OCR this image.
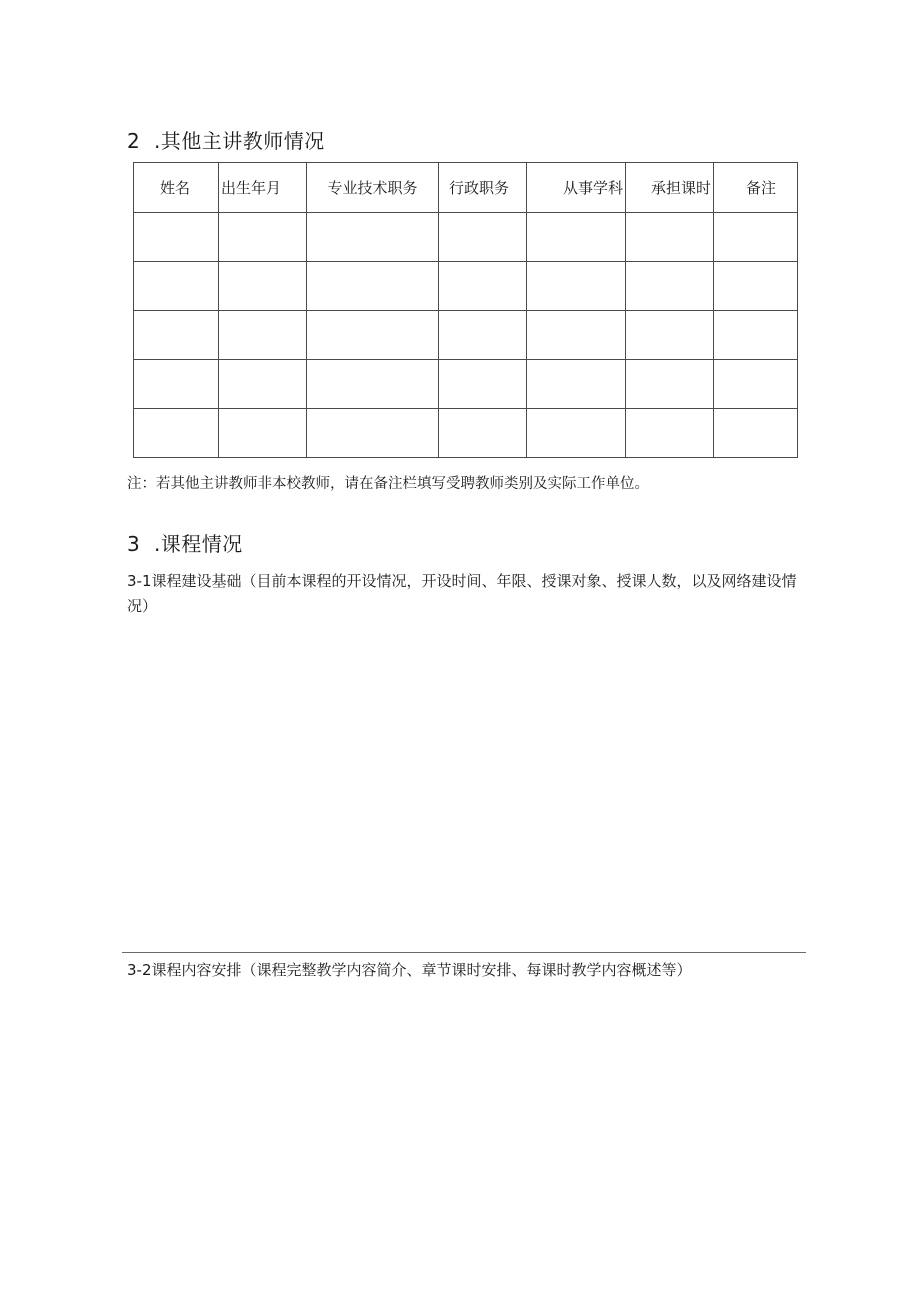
2  .其他主讲教师情况
姓名	出生年月	专业技术职务	行政职务	从事学科	承担课时	备注

注：若其他主讲教师非本校教师，请在备注栏填写受聘教师类别及实际工作单位。

3  .课程情况

3-1课程建设基础（目前本课程的开设情况，开设时间、年限、授课对象、授课人数，以及网络建设情况）

3-2课程内容安排（课程完整教学内容简介、章节课时安排、每课时教学内容概述等）
